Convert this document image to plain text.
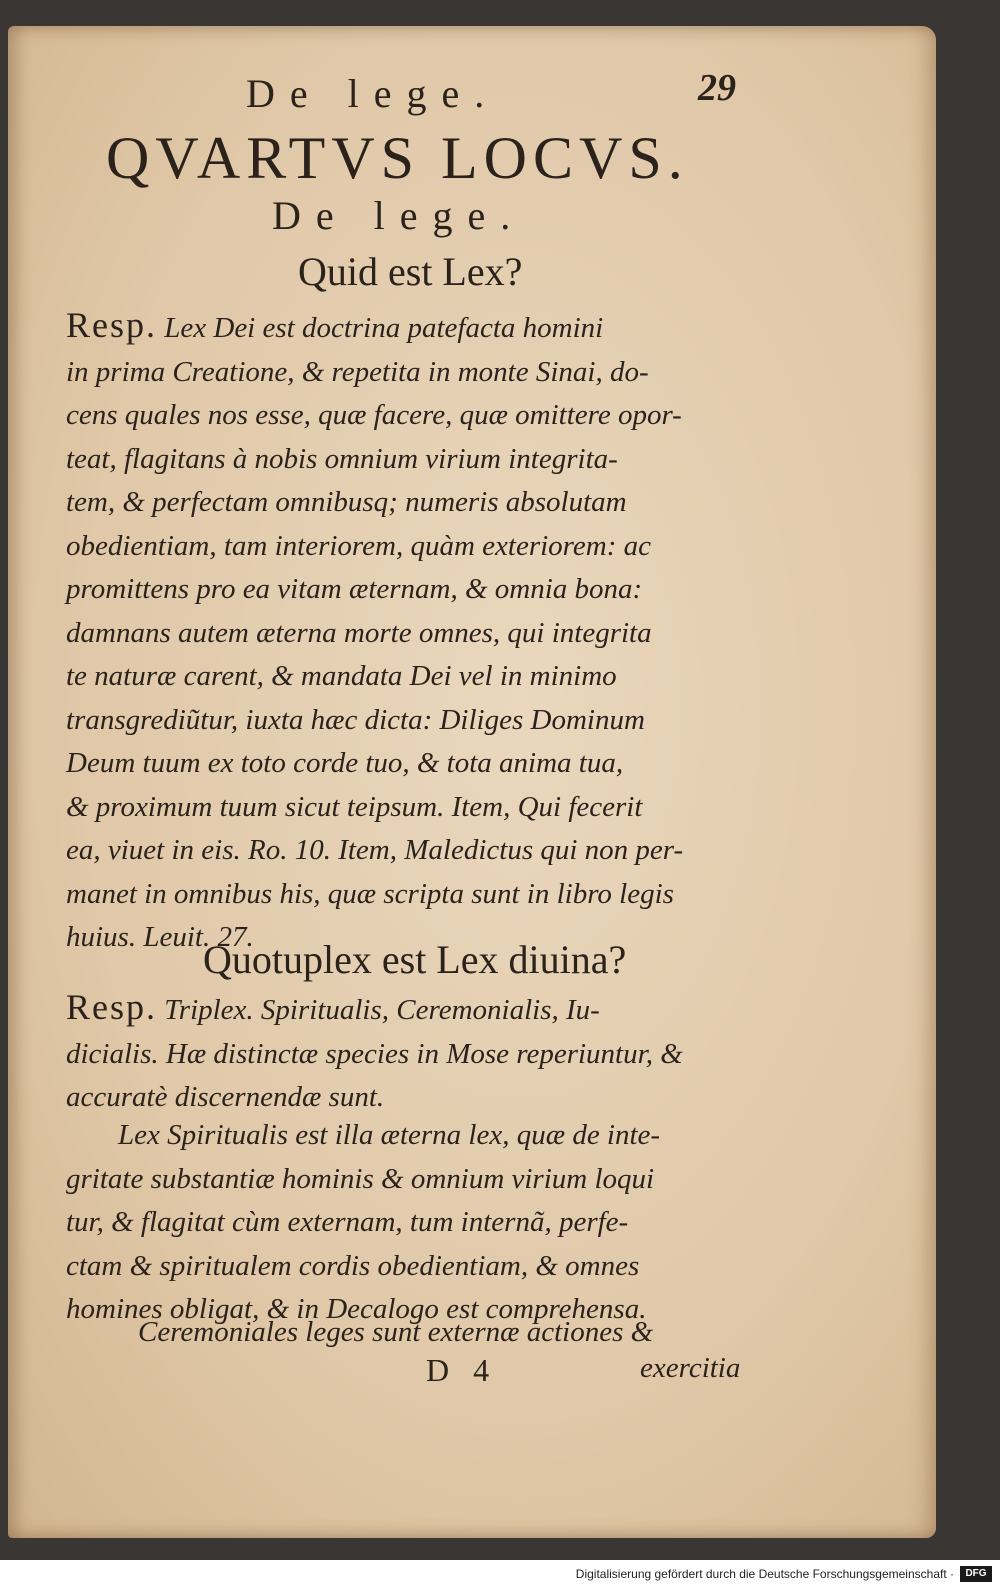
De lege.	29
QVARTVS LOCVS.
De lege.
Quid est Lex?
Resp. Lex Dei est doctrina patefacta homini
in prima Creatione, & repetita in monte Sinai, do-
cens quales nos esse, quæ facere, quæ omittere opor-
teat, flagitans à nobis omnium virium integrita-
tem, & perfectam omnibusq; numeris absolutam
obedientiam, tam interiorem, quàm exteriorem: ac
promittens pro ea vitam æternam, & omnia bona:
damnans autem æterna morte omnes, qui integrita
te naturæ carent, & mandata Dei vel in minimo
transgrediũtur, iuxta hæc dicta: Diliges Dominum
Deum tuum ex toto corde tuo, & tota anima tua,
& proximum tuum sicut teipsum. Item, Qui fecerit
ea, viuet in eis. Ro. 10. Item, Maledictus qui non per-
manet in omnibus his, quæ scripta sunt in libro legis
huius. Leuit. 27.
Quotuplex est Lex diuina?
Resp. Triplex. Spiritualis, Ceremonialis, Iu-
dicialis. Hæ distinctæ species in Mose reperiuntur, &
accuratè discernendæ sunt.
Lex Spiritualis est illa æterna lex, quæ de inte-
gritate substantiæ hominis & omnium virium loqui
tur, & flagitat cùm externam, tum internã, perfe-
ctam & spiritualem cordis obedientiam, & omnes
homines obligat, & in Decalogo est comprehensa.
Ceremoniales leges sunt externæ actiones &
D 4	exercitia
Digitalisierung gefördert durch die Deutsche Forschungsgemeinschaft ·	DFG
